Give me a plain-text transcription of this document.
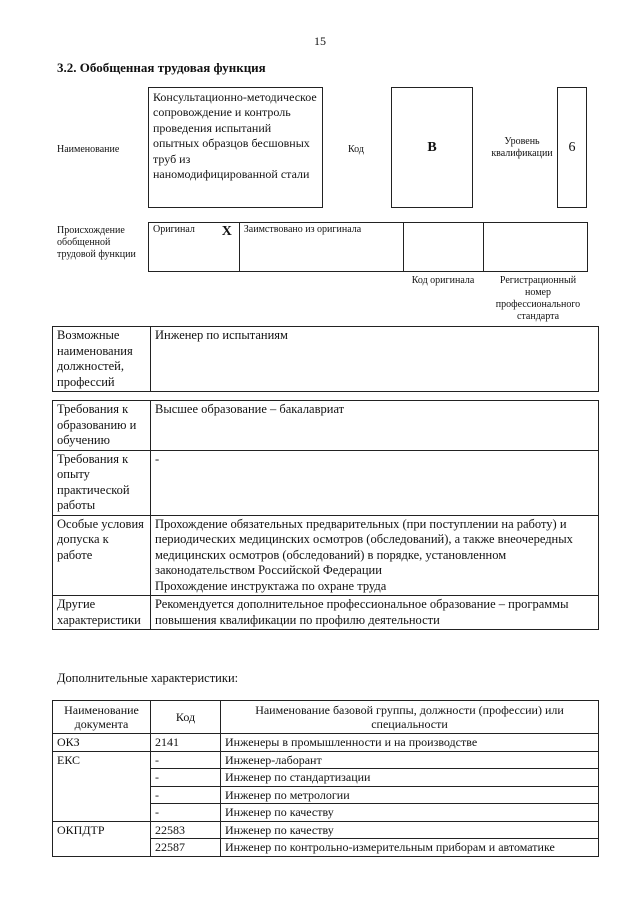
15
3.2. Обобщенная трудовая функция
Наименование
Консультационно-методическое сопровождение и контроль проведения испытаний опытных образцов бесшовных труб из наномодифицированной стали
Код	B	Уровень квалификации 6
Происхождение обобщенной трудовой функции
Оригинал	X	Заимствовано из оригинала		
Код оригинала	Регистрационный номер профессионального стандарта
Возможные наименования должностей, профессий	Инженер по испытаниям
Требования к образованию и обучению	Высшее образование – бакалавриат
Требования к опыту практической работы	-
Особые условия допуска к работе	Прохождение обязательных предварительных (при поступлении на работу) и периодических медицинских осмотров (обследований), а также внеочередных медицинских осмотров (обследований) в порядке, установленном законодательством Российской Федерации
Прохождение инструктажа по охране труда

Другие характеристики	Рекомендуется дополнительное профессиональное образование – программы повышения квалификации по профилю деятельности
Дополнительные характеристики:
Наименование документа	Код	Наименование базовой группы, должности (профессии) или специальности
ОКЗ	2141	Инженеры в промышленности и на производстве
ЕКС	-	Инженер-лаборант
	-	Инженер по стандартизации
	-	Инженер по метрологии
	-	Инженер по качеству
ОКПДТР	22583	Инженер по качеству
	22587	Инженер по контрольно-измерительным приборам и автоматике
